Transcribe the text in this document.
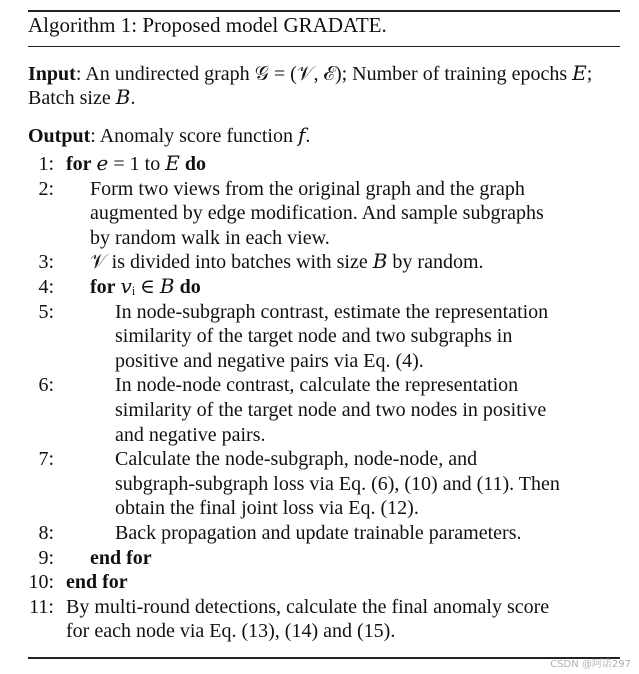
Algorithm 1: Proposed model GRADATE.
Input: An undirected graph 𝒢 = (𝒱, ℰ); Number of training epochs 𝐸; Batch size 𝐵.
Output: Anomaly score function 𝑓.
1: for 𝑒 = 1 to 𝐸 do
2: Form two views from the original graph and the graph
augmented by edge modification. And sample subgraphs
by random walk in each view.
3: 𝒱 is divided into batches with size 𝐵 by random.
4: for 𝑣ᵢ ∈ 𝐵 do
5:	In node-subgraph contrast, estimate the representation
similarity of the target node and two subgraphs in
positive and negative pairs via Eq. (4).
6:	In node-node contrast, calculate the representation
similarity of the target node and two nodes in positive
and negative pairs.
7:	Calculate the node-subgraph, node-node, and
subgraph-subgraph loss via Eq. (6), (10) and (11). Then
obtain the final joint loss via Eq. (12).
8:	Back propagation and update trainable parameters.
9: end for
10: end for
11: By multi-round detections, calculate the final anomaly score
for each node via Eq. (13), (14) and (15).
CSDN @阿诺297
